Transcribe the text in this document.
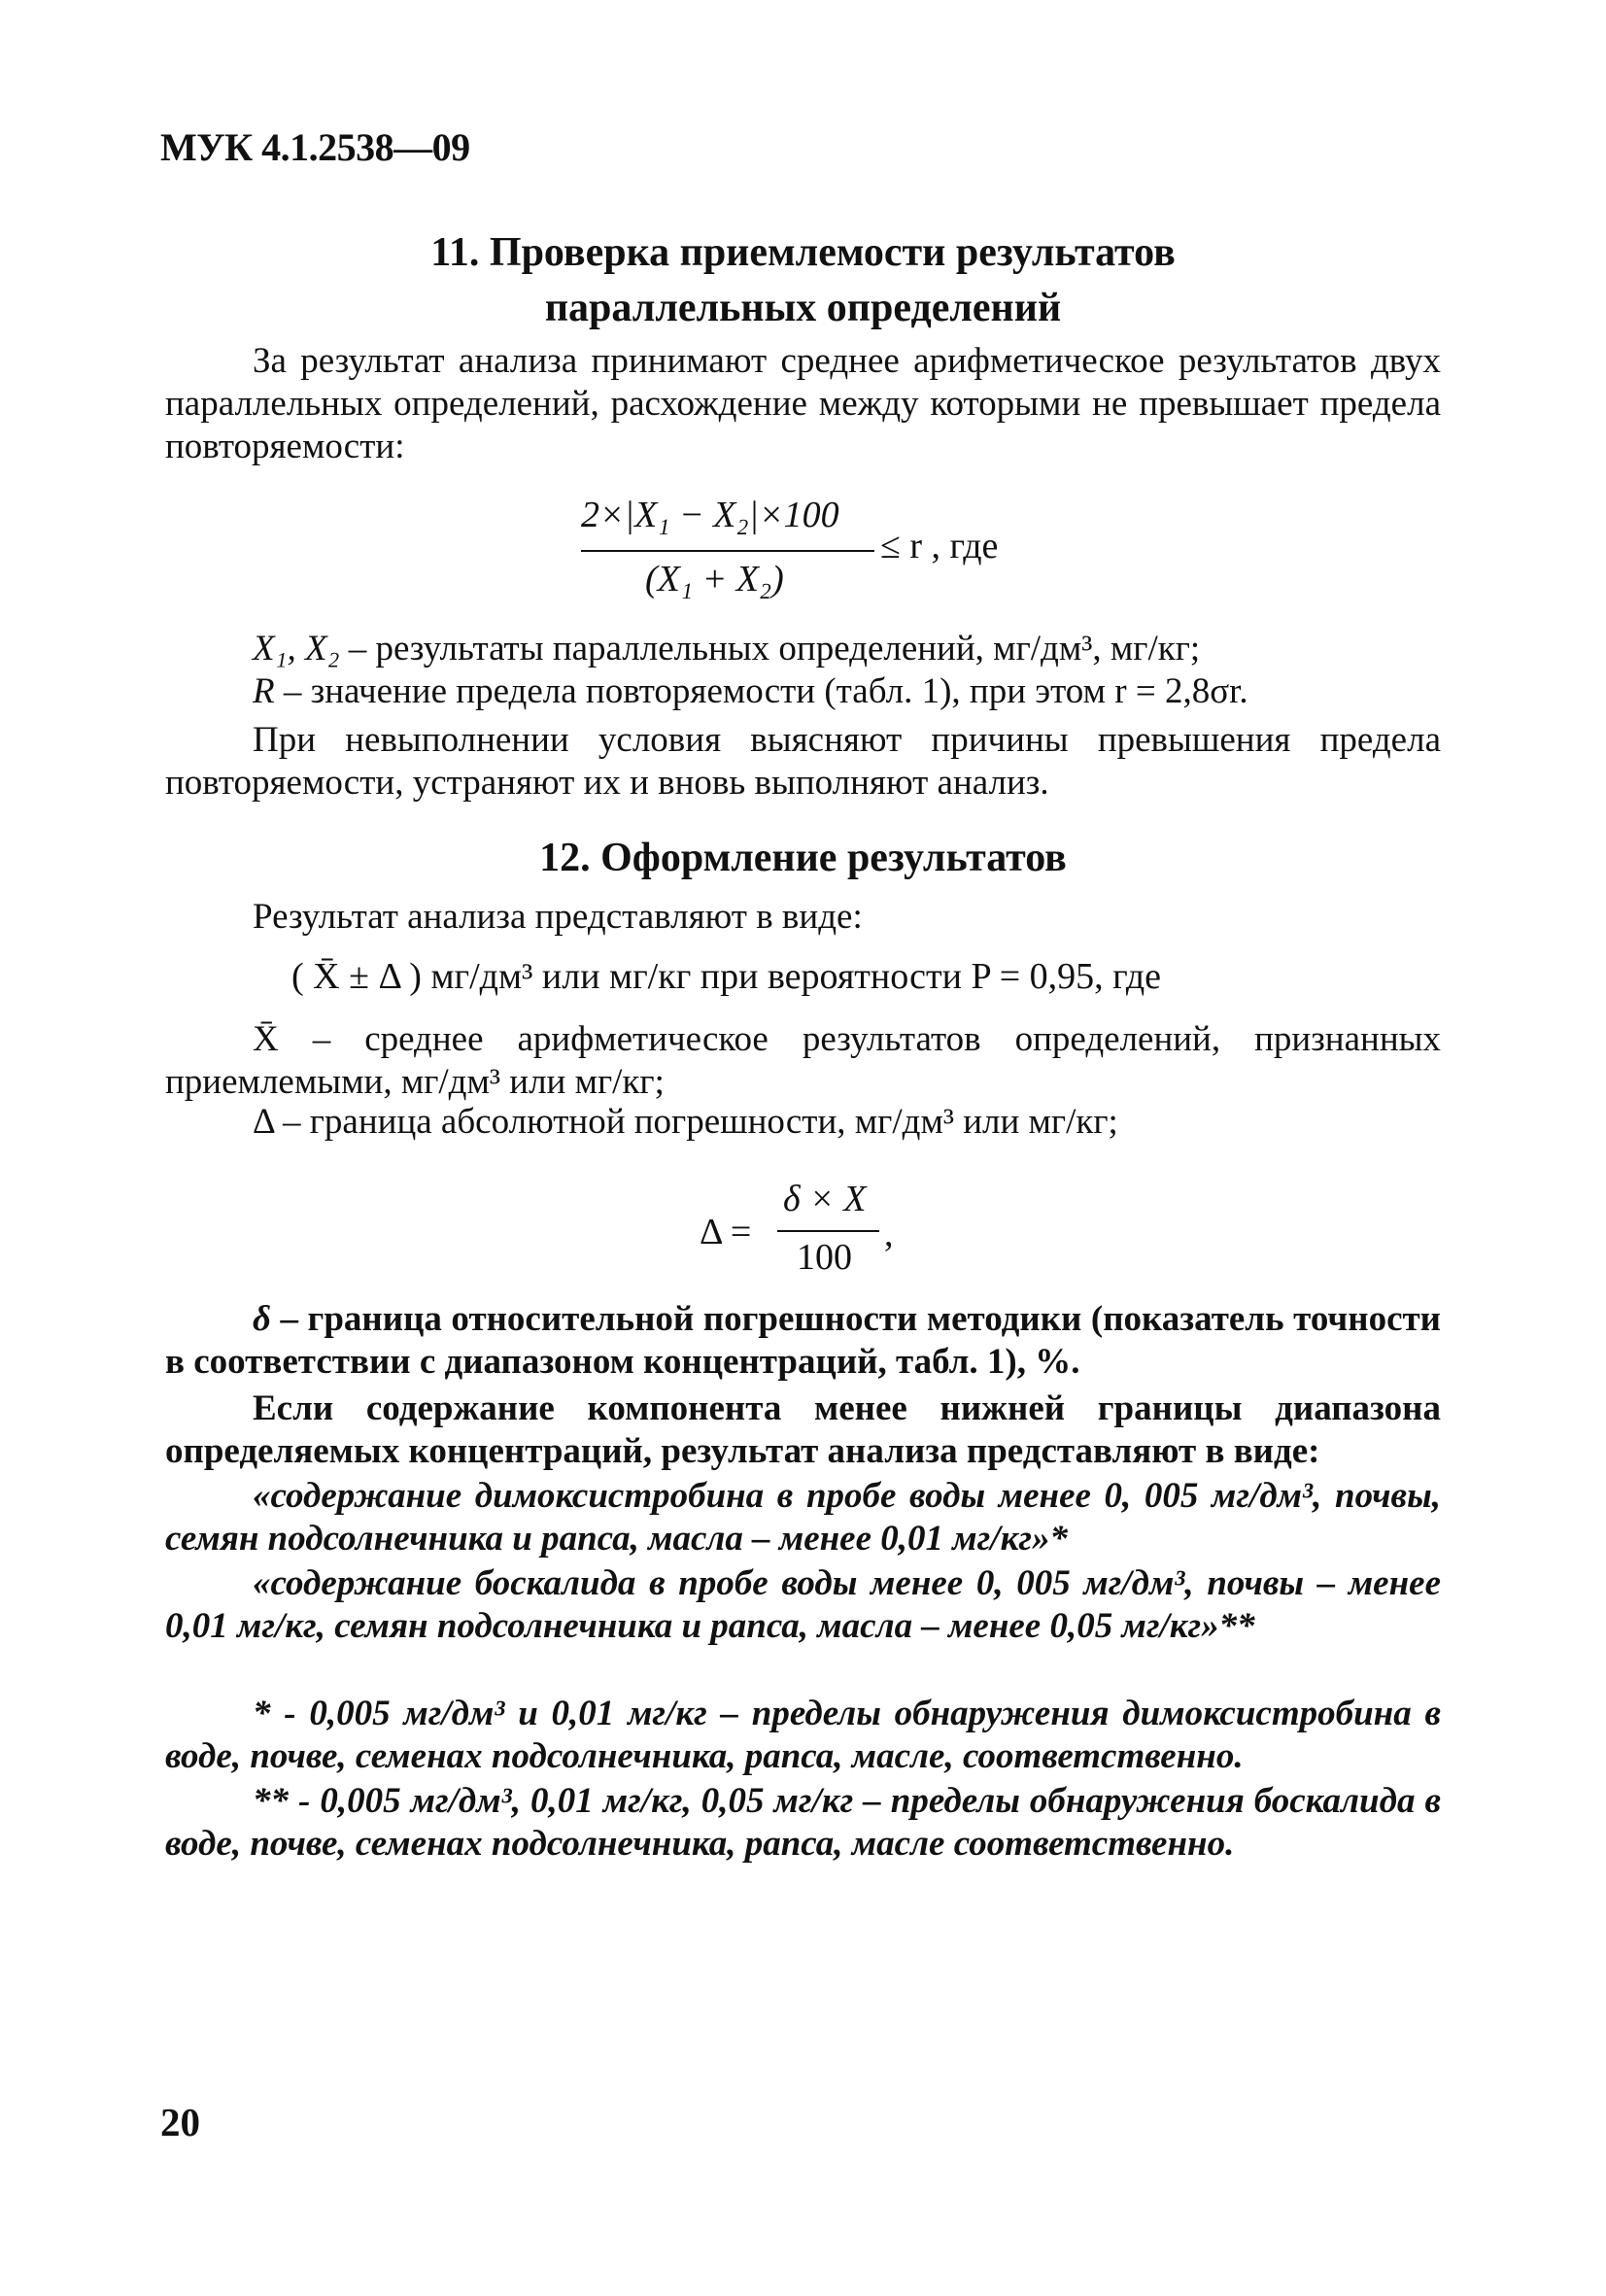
МУК 4.1.2538—09
11. Проверка приемлемости результатов
параллельных определений
За результат анализа принимают среднее арифметическое результатов двух параллельных определений, расхождение между которыми не превышает предела повторяемости:
2×|X₁ − X₂|×100
(X₁ + X₂)
≤ r , где
X₁, X₂ – результаты параллельных определений, мг/дм³, мг/кг;
R – значение предела повторяемости (табл. 1), при этом r = 2,8σr.
При невыполнении условия выясняют причины превышения предела повторяемости, устраняют их и вновь выполняют анализ.
12. Оформление результатов
Результат анализа представляют в виде:
( X̄ ± Δ ) мг/дм³ или мг/кг при вероятности P = 0,95, где
X̄ – среднее арифметическое результатов определений, признанных приемлемыми, мг/дм³ или мг/кг;
Δ – граница абсолютной погрешности, мг/дм³ или мг/кг;
Δ =
δ × X
100
,
δ – граница относительной погрешности методики (показатель точности в соответствии с диапазоном концентраций, табл. 1), %.
Если содержание компонента менее нижней границы диапазона определяемых концентраций, результат анализа представляют в виде:
«содержание димоксистробина в пробе воды менее 0, 005 мг/дм³, почвы, семян подсолнечника и рапса, масла – менее 0,01 мг/кг»*
«содержание боскалида в пробе воды менее 0, 005 мг/дм³, почвы – менее 0,01 мг/кг, семян подсолнечника и рапса, масла – менее 0,05 мг/кг»**
* - 0,005 мг/дм³ и 0,01 мг/кг – пределы обнаружения димоксистробина в воде, почве, семенах подсолнечника, рапса, масле, соответственно.
** - 0,005 мг/дм³, 0,01 мг/кг, 0,05 мг/кг – пределы обнаружения боскалида в воде, почве, семенах подсолнечника, рапса, масле соответственно.
20
